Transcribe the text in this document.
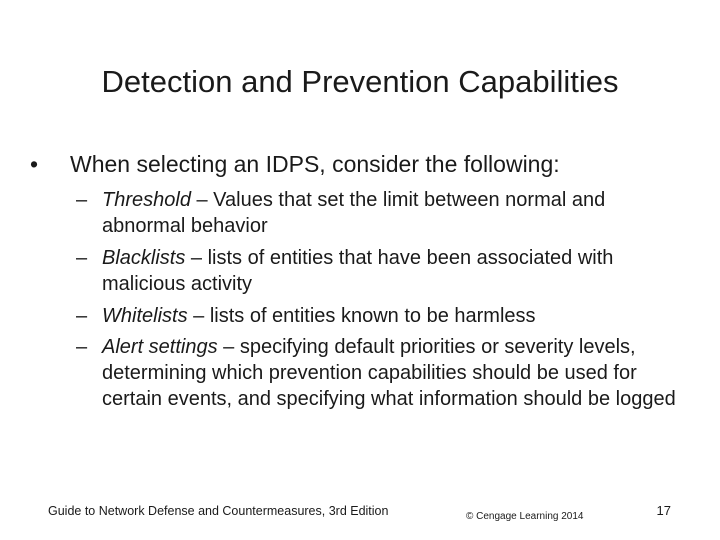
Detection and Prevention Capabilities
• When selecting an IDPS, consider the following:
– Threshold – Values that set the limit between normal and abnormal behavior
– Blacklists – lists of entities that have been associated with malicious activity
– Whitelists – lists of entities known to be harmless
– Alert settings – specifying default priorities or severity levels, determining which prevention capabilities should be used for certain events, and specifying what information should be logged
Guide to Network Defense and Countermeasures, 3rd Edition	© Cengage Learning 2014	17
